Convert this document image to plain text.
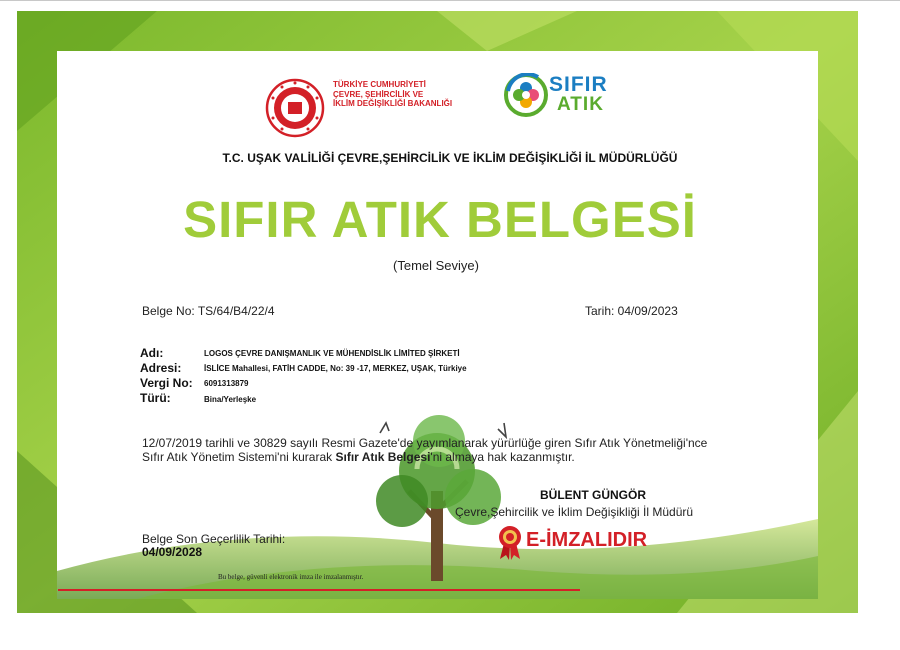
TÜRKİYE CUMHURİYETİ
ÇEVRE, ŞEHİRCİLİK VE
İKLİM DEĞİŞİKLİĞİ BAKANLIĞI
SIFIR
ATIK
T.C. UŞAK VALİLİĞİ ÇEVRE,ŞEHİRCİLİK VE İKLİM DEĞİŞİKLİĞİ İL MÜDÜRLÜĞÜ
SIFIR ATIK BELGESİ
(Temel Seviye)
Belge No: TS/64/B4/22/4	Tarih: 04/09/2023
Adı:	LOGOS ÇEVRE DANIŞMANLIK VE MÜHENDİSLİK LİMİTED ŞİRKETİ
Adresi:	İSLİCE Mahallesi, FATİH CADDE, No: 39 -17, MERKEZ, UŞAK, Türkiye
Vergi No: 6091313879
Türü:	Bina/Yerleşke
12/07/2019 tarihli ve 30829 sayılı Resmi Gazete'de yayımlanarak yürürlüğe giren Sıfır Atık Yönetmeliği'nce Sıfır Atık Yönetim Sistemi'ni kurarak Sıfır Atık Belgesi'ni almaya hak kazanmıştır.
BÜLENT GÜNGÖR
Çevre,Şehircilik ve İklim Değişikliği İl Müdürü
E-İMZALIDIR
Belge Son Geçerlilik Tarihi:
04/09/2028
Bu belge, güvenli elektronik imza ile imzalanmıştır.
